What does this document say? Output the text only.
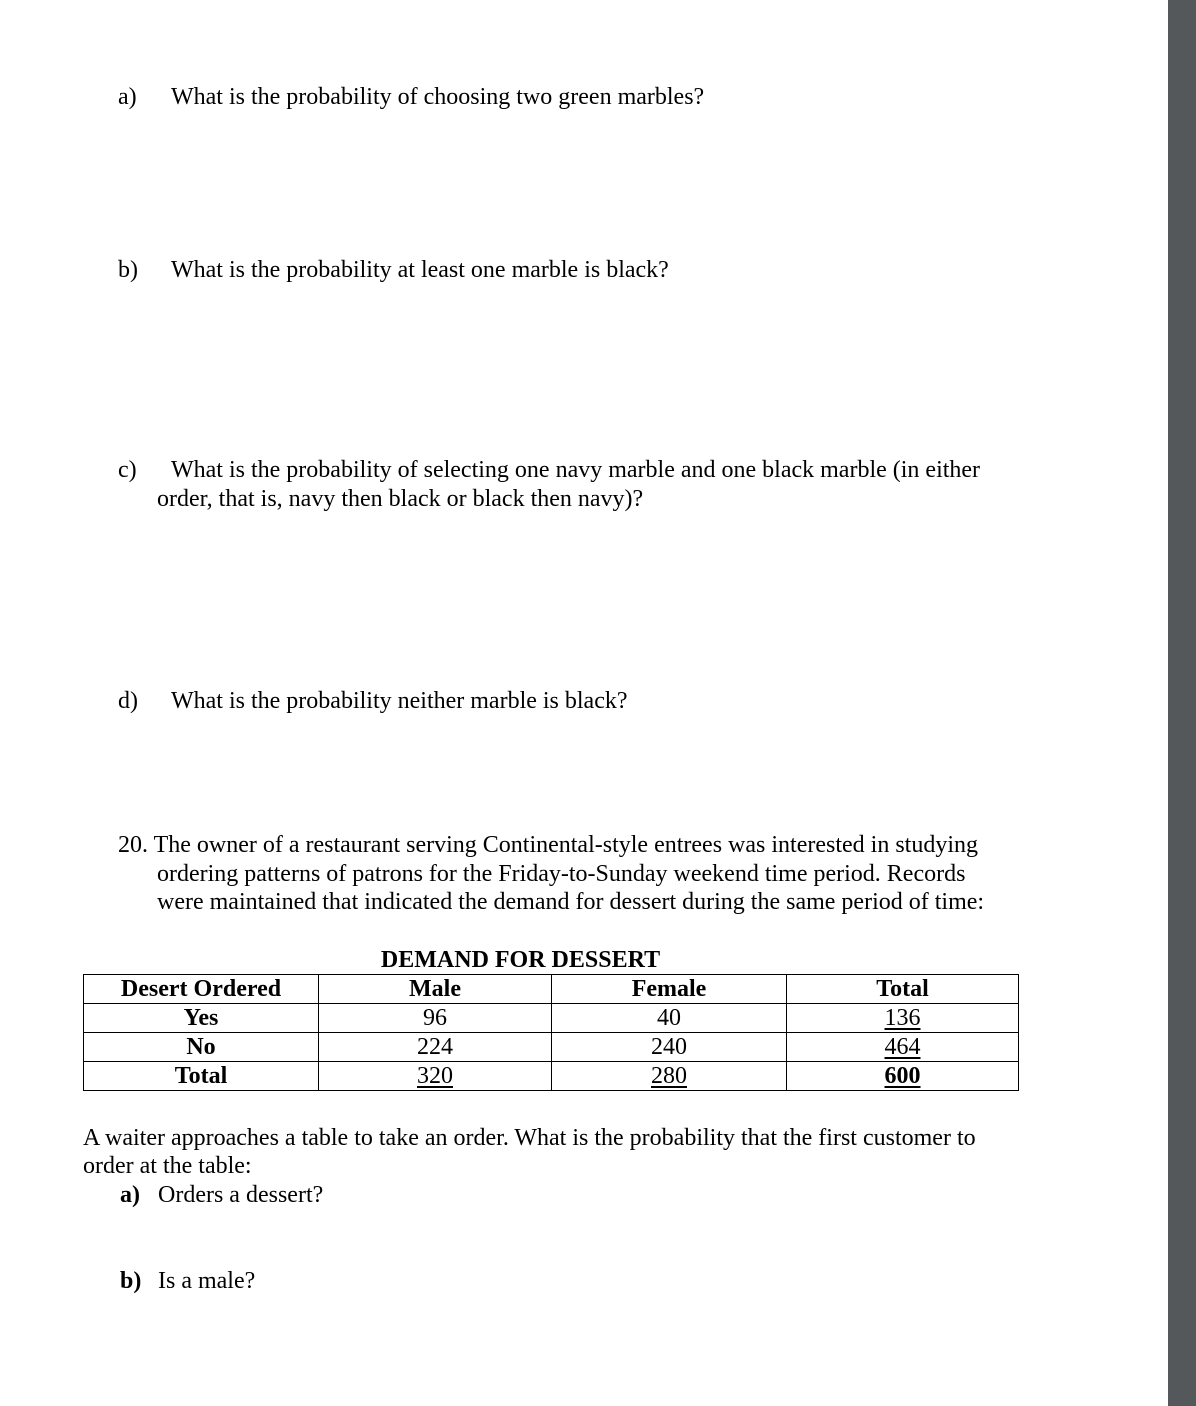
a) What is the probability of choosing two green marbles?
b) What is the probability at least one marble is black?
c) What is the probability of selecting one navy marble and one black marble (in either
order, that is, navy then black or black then navy)?
d) What is the probability neither marble is black?
20. The owner of a restaurant serving Continental-style entrees was interested in studying
ordering patterns of patrons for the Friday-to-Sunday weekend time period. Records
were maintained that indicated the demand for dessert during the same period of time:
DEMAND FOR DESSERT
Desert Ordered	Male	Female	Total
Yes	96	40	136
No	224	240	464
Total	320	280	600
A waiter approaches a table to take an order. What is the probability that the first customer to
order at the table:
a) Orders a dessert?
b) Is a male?
